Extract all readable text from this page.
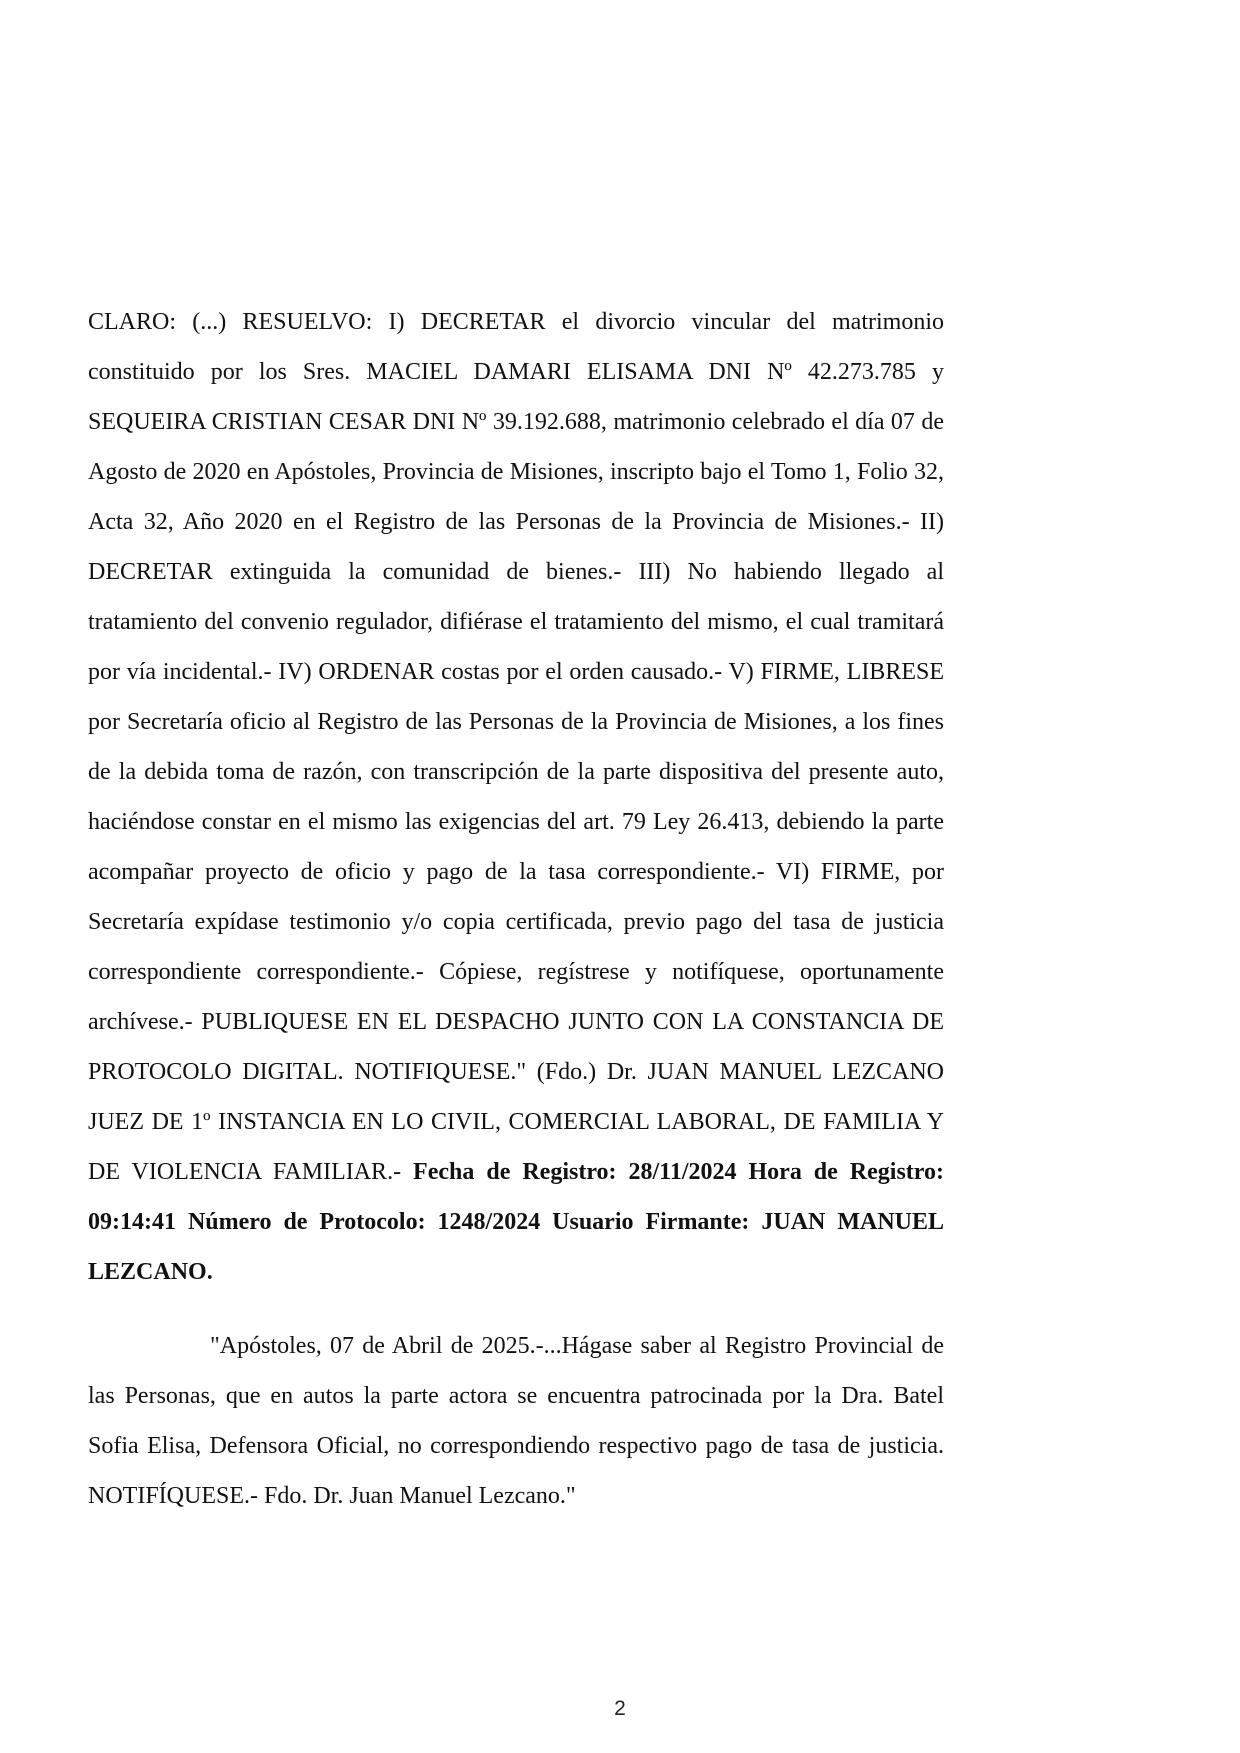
CLARO: (...) RESUELVO: I) DECRETAR el divorcio vincular del matrimonio constituido por los Sres. MACIEL DAMARI ELISAMA DNI Nº 42.273.785 y SEQUEIRA CRISTIAN CESAR DNI Nº 39.192.688, matrimonio celebrado el día 07 de Agosto de 2020 en Apóstoles, Provincia de Misiones, inscripto bajo el Tomo 1, Folio 32, Acta 32, Año 2020 en el Registro de las Personas de la Provincia de Misiones.- II) DECRETAR extinguida la comunidad de bienes.- III) No habiendo llegado al tratamiento del convenio regulador, difiérase el tratamiento del mismo, el cual tramitará por vía incidental.- IV) ORDENAR costas por el orden causado.- V) FIRME, LIBRESE por Secretaría oficio al Registro de las Personas de la Provincia de Misiones, a los fines de la debida toma de razón, con transcripción de la parte dispositiva del presente auto, haciéndose constar en el mismo las exigencias del art. 79 Ley 26.413, debiendo la parte acompañar proyecto de oficio y pago de la tasa correspondiente.- VI) FIRME, por Secretaría expídase testimonio y/o copia certificada, previo pago del tasa de justicia correspondiente correspondiente.- Cópiese, regístrese y notifíquese, oportunamente archívese.- PUBLIQUESE EN EL DESPACHO JUNTO CON LA CONSTANCIA DE PROTOCOLO DIGITAL. NOTIFIQUESE." (Fdo.) Dr. JUAN MANUEL LEZCANO JUEZ DE 1º INSTANCIA EN LO CIVIL, COMERCIAL LABORAL, DE FAMILIA Y DE VIOLENCIA FAMILIAR.- Fecha de Registro: 28/11/2024 Hora de Registro: 09:14:41 Número de Protocolo: 1248/2024 Usuario Firmante: JUAN MANUEL LEZCANO.

"Apóstoles, 07 de Abril de 2025.-...Hágase saber al Registro Provincial de las Personas, que en autos la parte actora se encuentra patrocinada por la Dra. Batel Sofia Elisa, Defensora Oficial, no correspondiendo respectivo pago de tasa de justicia. NOTIFÍQUESE.- Fdo. Dr. Juan Manuel Lezcano."

2
